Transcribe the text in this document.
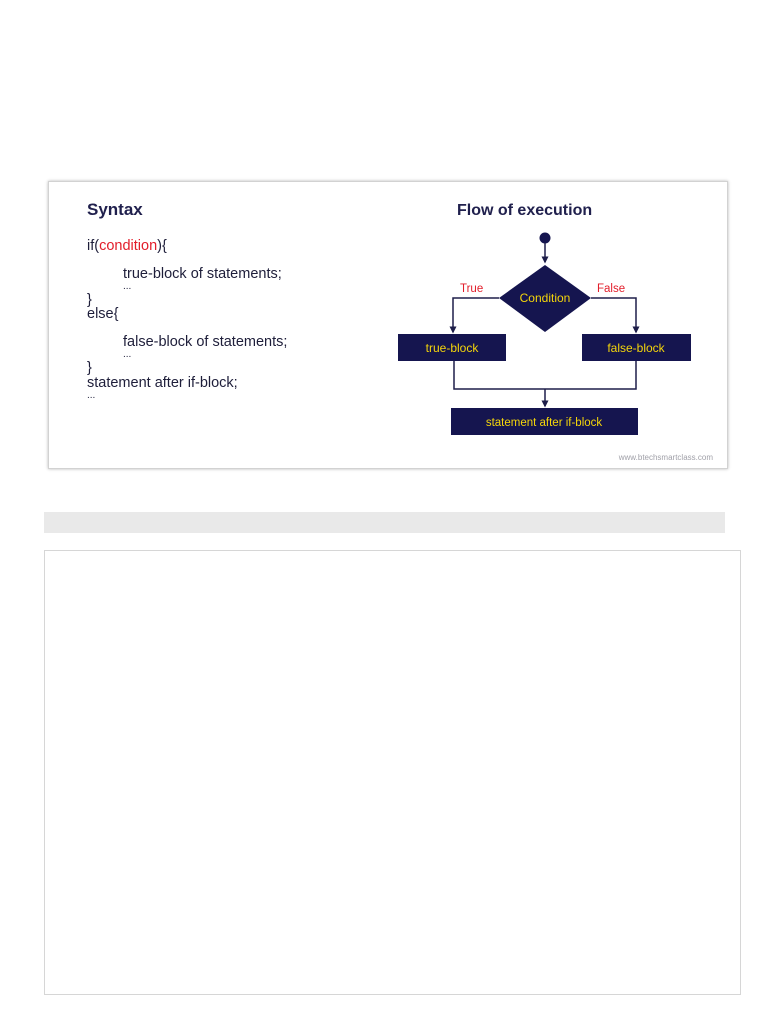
Syntax
if(condition){
true-block of statements;
...
}
else{
false-block of statements;
...
}
statement after if-block;
...
Flow of execution
Condition
True	False
true-block	false-block
statement after if-block
www.btechsmartclass.com
